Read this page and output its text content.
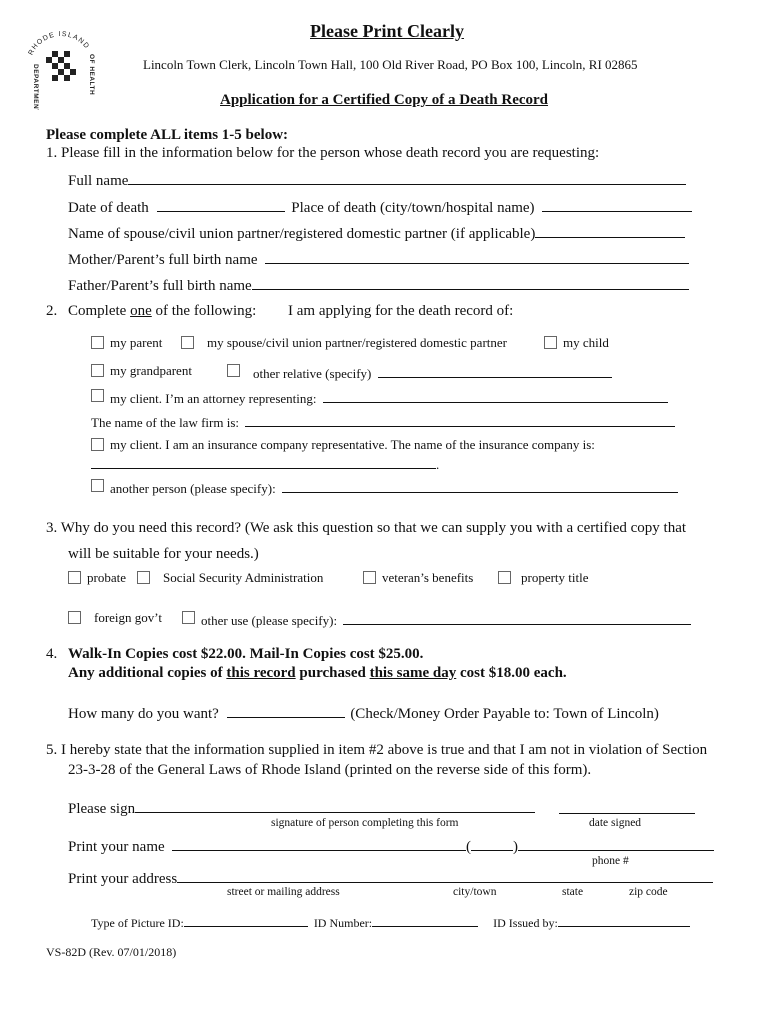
RHODE ISLAND
DEPARTMENT	OF HEALTH
Please Print Clearly
Lincoln Town Clerk, Lincoln Town Hall, 100 Old River Road, PO Box 100, Lincoln, RI 02865
Application for a Certified Copy of a Death Record
Please complete ALL items 1-5 below:
1. Please fill in the information below for the person whose death record you are requesting:
Full name
Date of death	Place of death (city/town/hospital name)
Name of spouse/civil union partner/registered domestic partner (if applicable)
Mother/Parent’s full birth name
Father/Parent’s full birth name
2. Complete one of the following: I am applying for the death record of:
my parent	my spouse/civil union partner/registered domestic partner	my child
my grandparent	other relative (specify)
my client. I’m an attorney representing:
The name of the law firm is:
my client. I am an insurance company representative. The name of the insurance company is:
.
another person (please specify):
3. Why do you need this record? (We ask this question so that we can supply you with a certified copy that
will be suitable for your needs.)
probate	Social Security Administration	veteran’s benefits	property title
foreign gov’t	other use (please specify):
4. Walk-In Copies cost $22.00. Mail-In Copies cost $25.00.
Any additional copies of this record purchased this same day cost $18.00 each.
How many do you want?	(Check/Money Order Payable to: Town of Lincoln)
5. I hereby state that the information supplied in item #2 above is true and that I am not in violation of Section
23-3-28 of the General Laws of Rhode Island (printed on the reverse side of this form).
Please sign
signature of person completing this form	date signed
Print your name	(	)
phone #
Print your address
street or mailing address	city/town	state	zip code
Type of Picture ID:	ID Number:	ID Issued by:
VS-82D (Rev. 07/01/2018)
